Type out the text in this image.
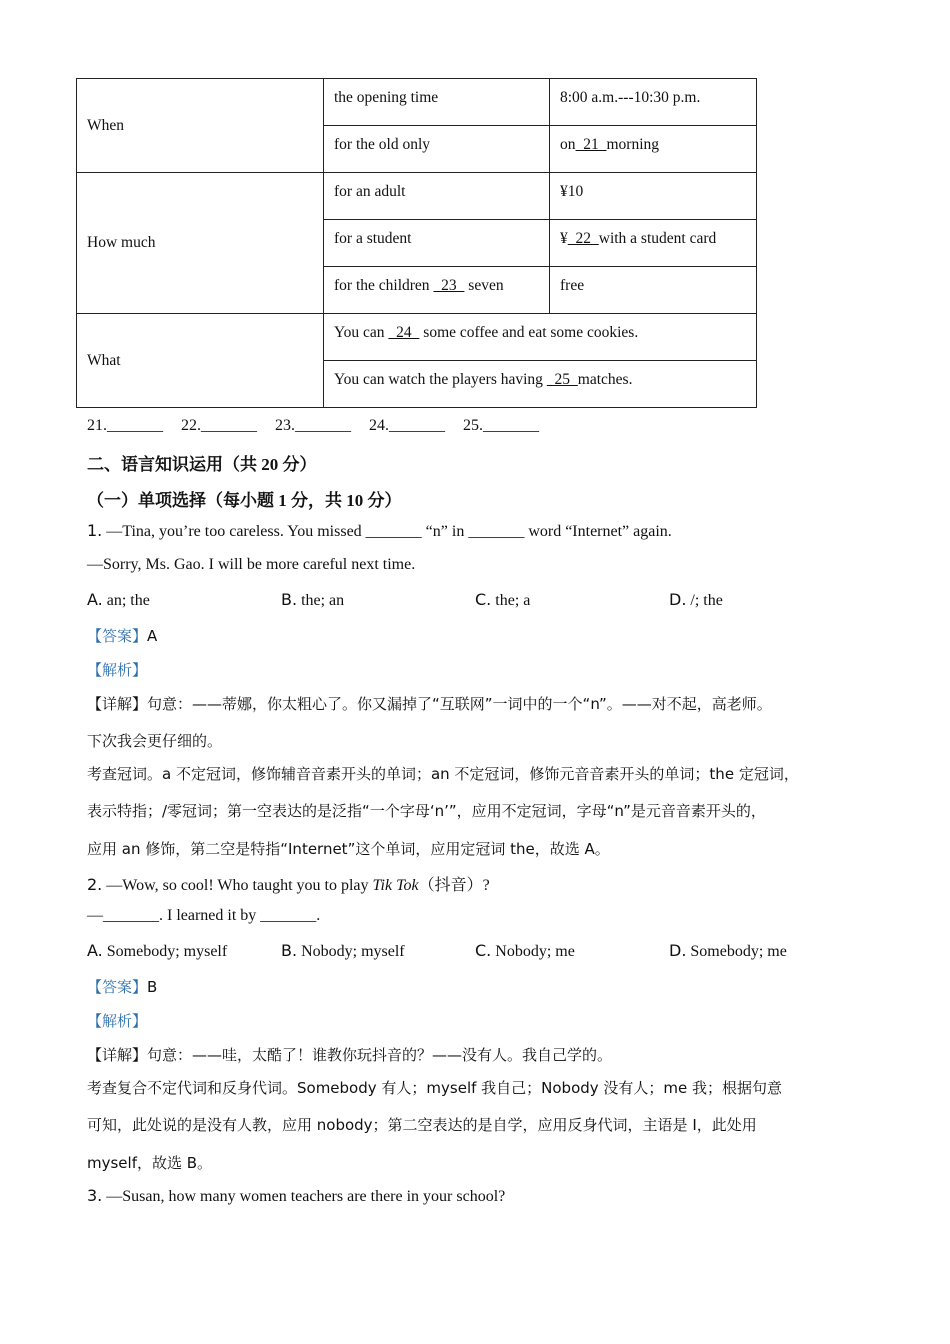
When	the opening time	8:00 a.m.---10:30 p.m.
	for the old only	on  21  morning
How much	for an adult	¥10
	for a student	¥  22  with a student card
	for the children   23   seven	free
What	You can   24   some coffee and eat some cookies.	
	You can watch the players having   25  matches.	
21._______ 22._______ 23._______ 24._______ 25._______
二、语言知识运用（共 20 分）
（一）单项选择（每小题 1 分，共 10 分）
1. —Tina, you’re too careless. You missed _______ “n” in _______ word “Internet” again.
—Sorry, Ms. Gao. I will be more careful next time.
A. an; the	B. the; an	C. the; a	D. /; the
【答案】A
【解析】
【详解】句意：——蒂娜，你太粗心了。你又漏掉了“互联网”一词中的一个“n”。——对不起，高老师。
下次我会更仔细的。
考查冠词。a 不定冠词，修饰辅音音素开头的单词；an 不定冠词，修饰元音音素开头的单词；the 定冠词，
表示特指；/零冠词；第一空表达的是泛指“一个字母‘n’”，应用不定冠词，字母“n”是元音音素开头的，
应用 an 修饰，第二空是特指“Internet”这个单词，应用定冠词 the，故选 A。
2. —Wow, so cool! Who taught you to play Tik Tok（抖音）?
—_______. I learned it by _______.
A. Somebody; myself	B. Nobody; myself	C. Nobody; me	D. Somebody; me
【答案】B
【解析】
【详解】句意：——哇，太酷了！谁教你玩抖音的？——没有人。我自己学的。
考查复合不定代词和反身代词。Somebody 有人；myself 我自己；Nobody 没有人；me 我；根据句意
可知，此处说的是没有人教，应用 nobody；第二空表达的是自学，应用反身代词，主语是 I，此处用
myself，故选 B。
3. —Susan, how many women teachers are there in your school?
